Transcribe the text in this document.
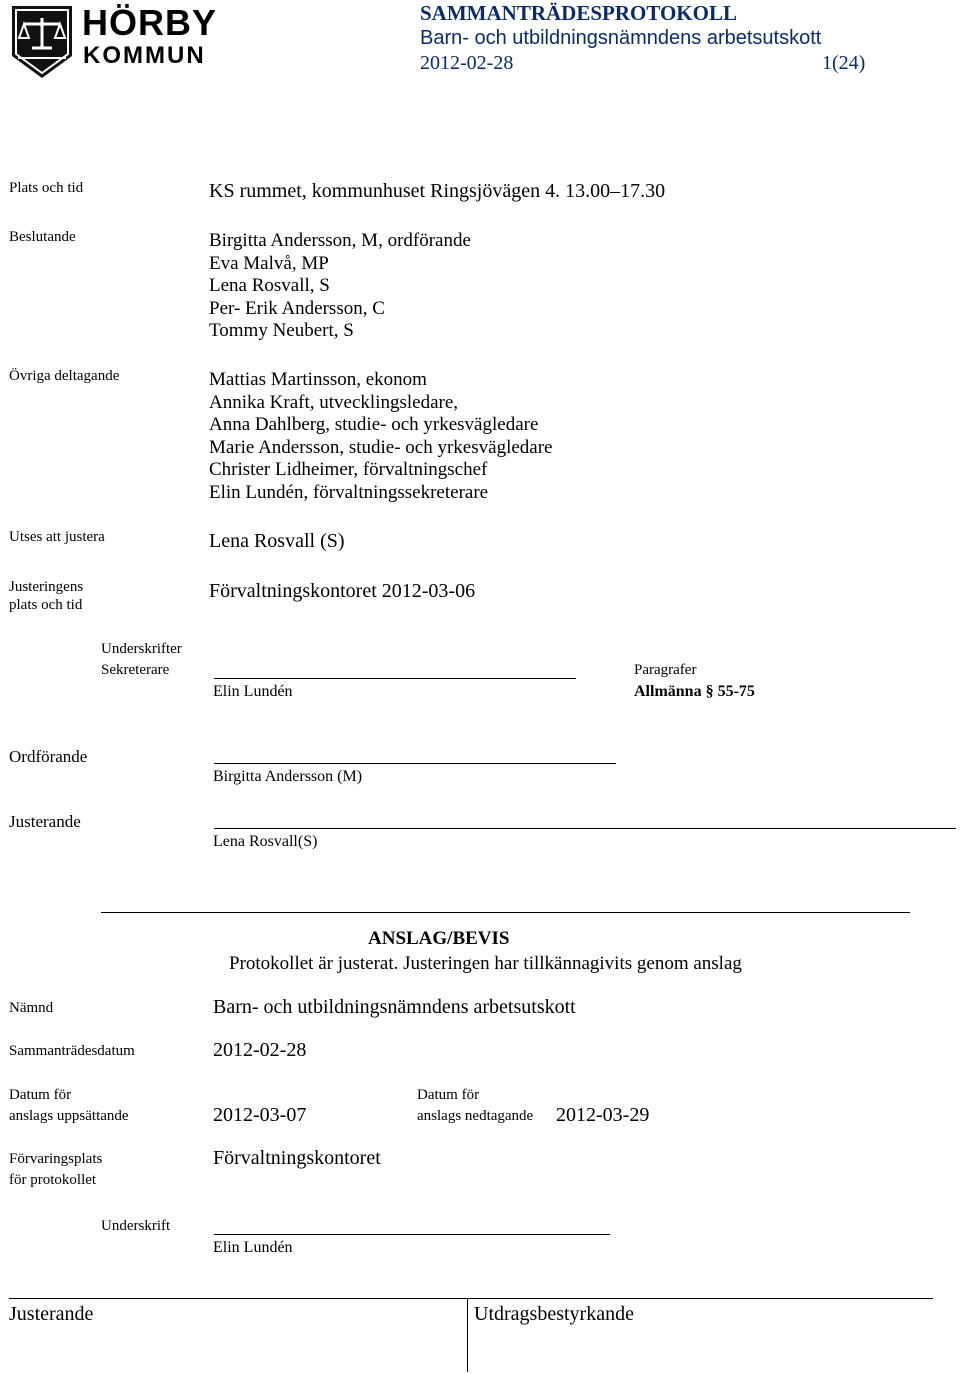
HÖRBY
KOMMUN
SAMMANTRÄDESPROTOKOLL
Barn- och utbildningsnämndens arbetsutskott
2012-02-28	1(24)
Plats och tid	KS rummet, kommunhuset Ringsjövägen 4. 13.00–17.30
Beslutande	Birgitta Andersson, M, ordförande
Eva Malvå, MP
Lena Rosvall, S
Per- Erik Andersson, C
Tommy Neubert, S
Övriga deltagande	Mattias Martinsson, ekonom
Annika Kraft, utvecklingsledare,
Anna Dahlberg, studie- och yrkesvägledare
Marie Andersson, studie- och yrkesvägledare
Christer Lidheimer, förvaltningschef
Elin Lundén, förvaltningssekreterare
Utses att justera	Lena Rosvall (S)
Justeringens
plats och tid
Förvaltningskontoret 2012-03-06
Underskrifter
Sekreterare
Elin Lundén
Paragrafer
Allmänna § 55-75
Ordförande
Birgitta Andersson (M)
Justerande
Lena Rosvall(S)
ANSLAG/BEVIS
Protokollet är justerat. Justeringen har tillkännagivits genom anslag
Nämnd	Barn- och utbildningsnämndens arbetsutskott
Sammanträdesdatum	2012-02-28
Datum för
anslags uppsättande	2012-03-07
Datum för
anslags nedtagande 2012-03-29
Förvaringsplats
för protokollet
Förvaltningskontoret
Underskrift
Elin Lundén
Justerande	Utdragsbestyrkande
